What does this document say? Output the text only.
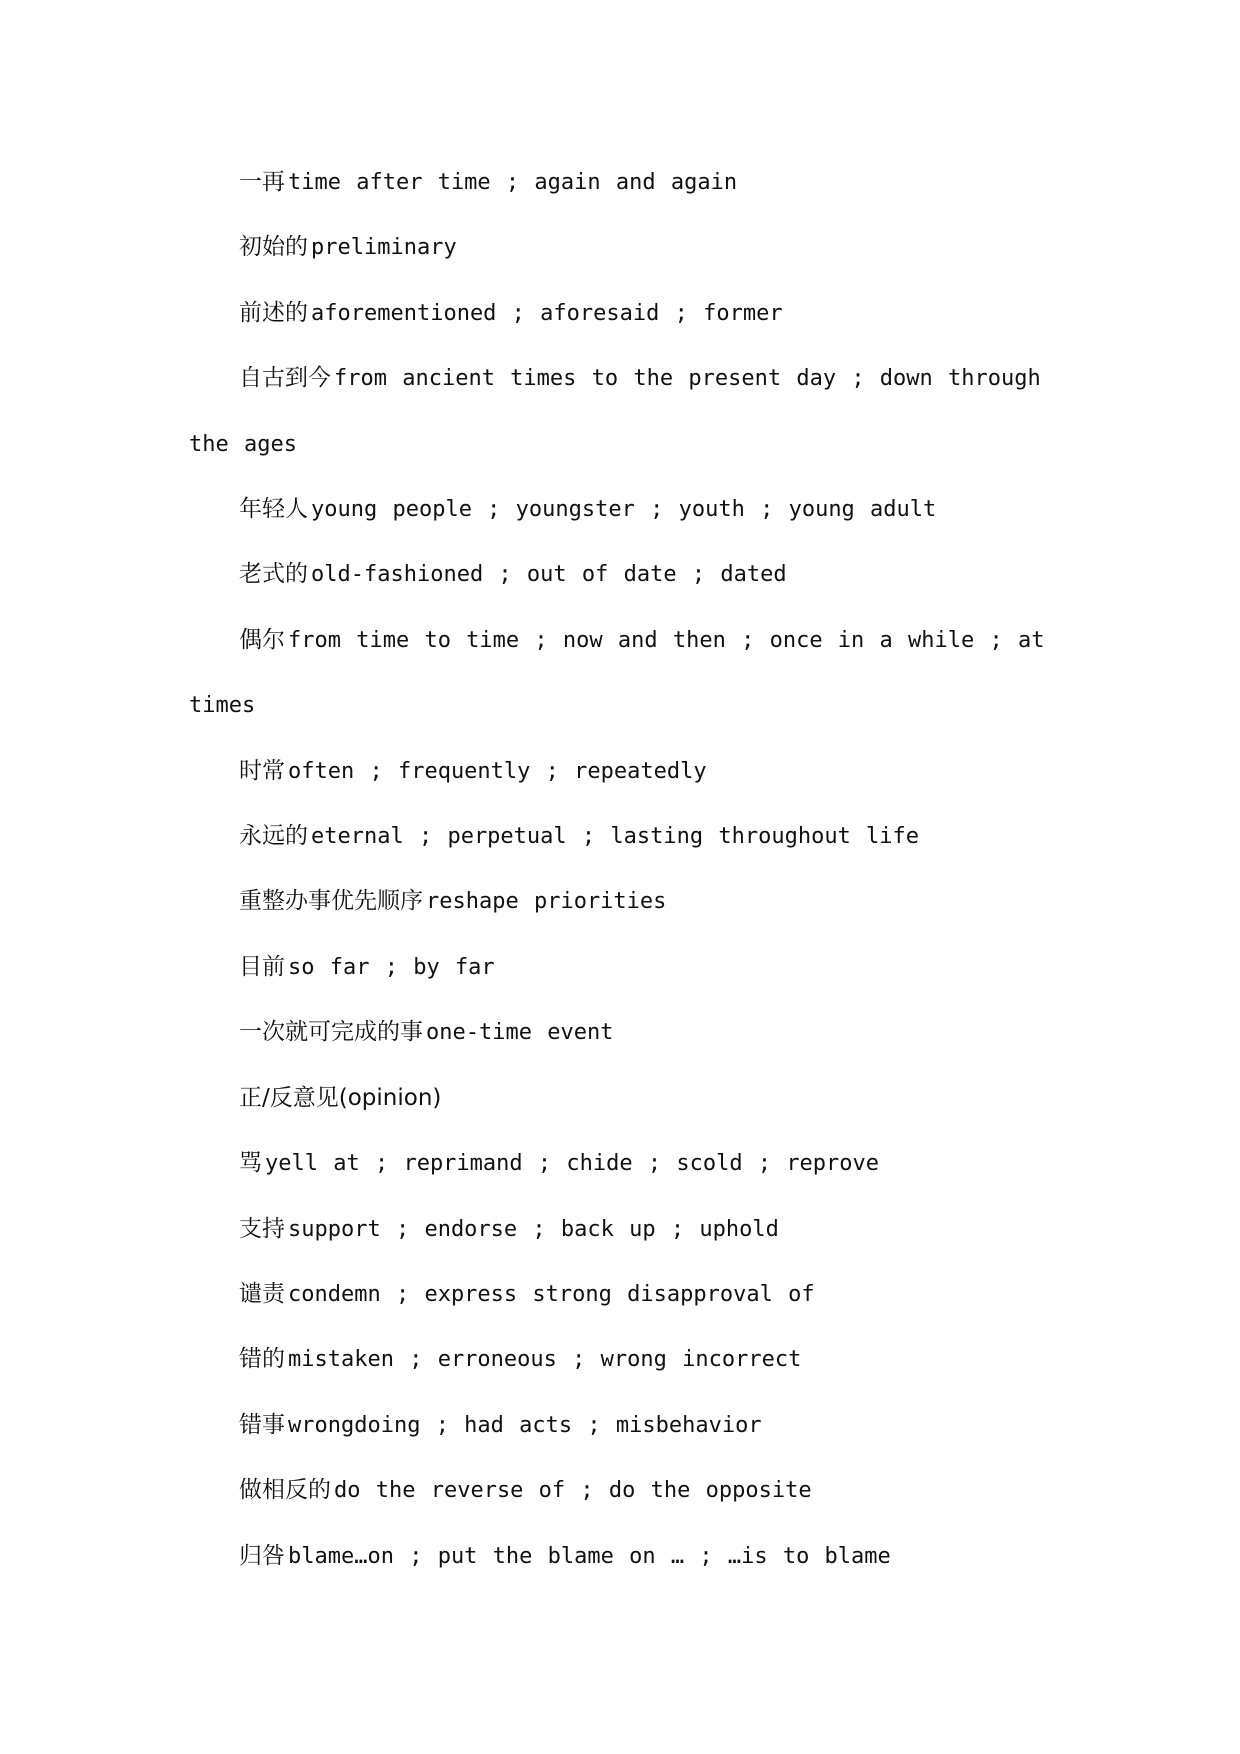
一再 time after time ; again and again

初始的 preliminary

前述的 aforementioned ; aforesaid ; former

自古到今 from ancient times to the present day ; down through the ages

年轻人 young people ; youngster ; youth ; young adult

老式的 old-fashioned ; out of date ; dated

偶尔 from time to time ; now and then ; once in a while ; at times

时常 often ; frequently ; repeatedly

永远的 eternal ; perpetual ; lasting throughout life

重整办事优先顺序 reshape priorities

目前 so far ; by far

一次就可完成的事 one-time event

正/反意见(opinion)

骂 yell at ; reprimand ; chide ; scold ; reprove

支持 support ; endorse ; back up ; uphold

谴责 condemn ; express strong disapproval of

错的 mistaken ; erroneous ; wrong incorrect

错事 wrongdoing ; had acts ; misbehavior

做相反的 do the reverse of ; do the opposite

归咎 blame…on ; put the blame on … ; …is to blame
